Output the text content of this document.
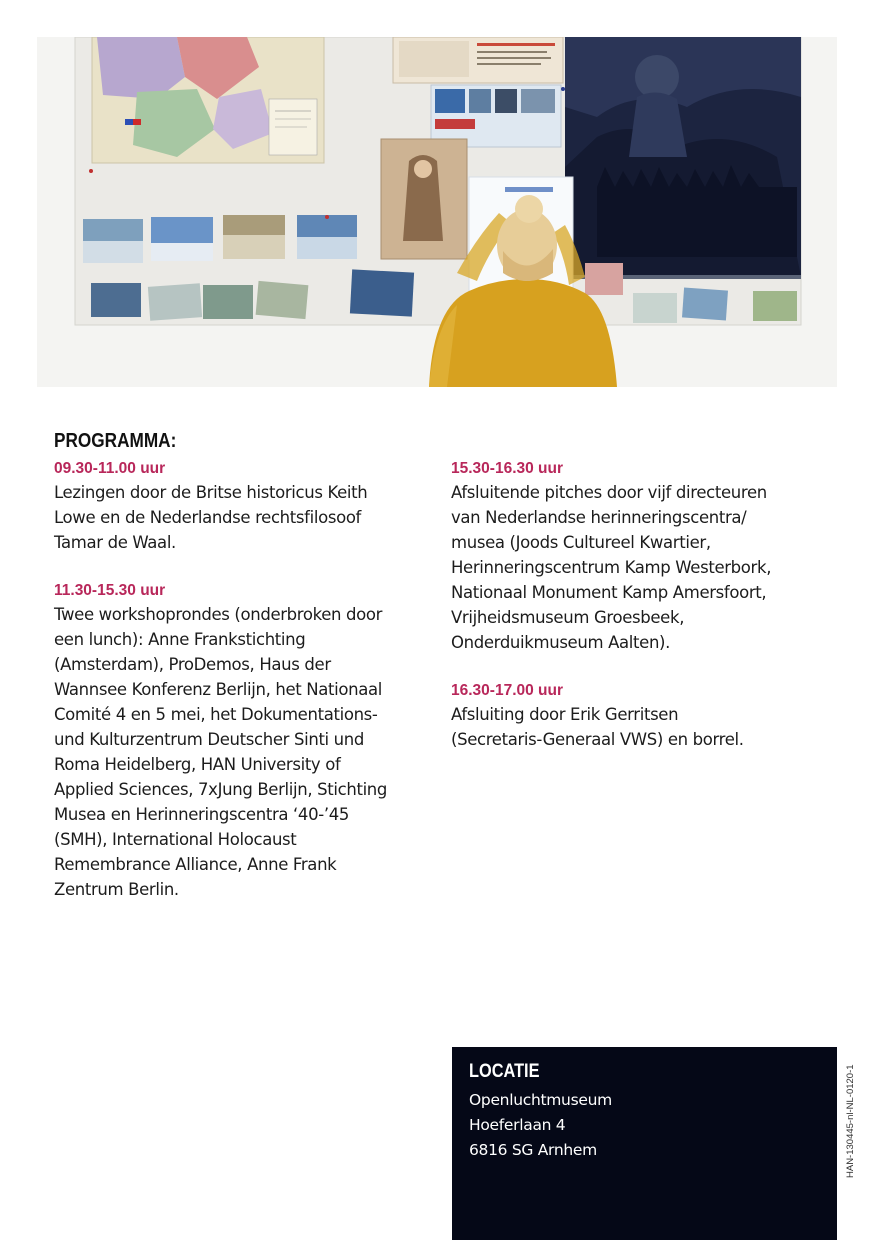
PROGRAMMA:
09.30-11.00 uur

Lezingen door de Britse historicus Keith
Lowe en de Nederlandse rechtsfilosoof
Tamar de Waal.

11.30-15.30 uur

Twee workshoprondes (onderbroken door
een lunch): Anne Frankstichting
(Amsterdam), ProDemos, Haus der
Wannsee Konferenz Berlijn, het Nationaal
Comité 4 en 5 mei, het Dokumentations-
und Kulturzentrum Deutscher Sinti und
Roma Heidelberg, HAN University of
Applied Sciences, 7xJung Berlijn, Stichting
Musea en Herinneringscentra ‘40-’45
(SMH), International Holocaust
Remembrance Alliance, Anne Frank
Zentrum Berlin.

15.30-16.30 uur

Afsluitende pitches door vijf directeuren
van Nederlandse herinneringscentra/
musea (Joods Cultureel Kwartier,
Herinneringscentrum Kamp Westerbork,
Nationaal Monument Kamp Amersfoort,
Vrijheidsmuseum Groesbeek,
Onderduikmuseum Aalten).

16.30-17.00 uur

Afsluiting door Erik Gerritsen
(Secretaris-Generaal VWS) en borrel.

LOCATIE
Openluchtmuseum
Hoeferlaan 4
6816 SG Arnhem	HAN-130445-nl-NL-0120-1
